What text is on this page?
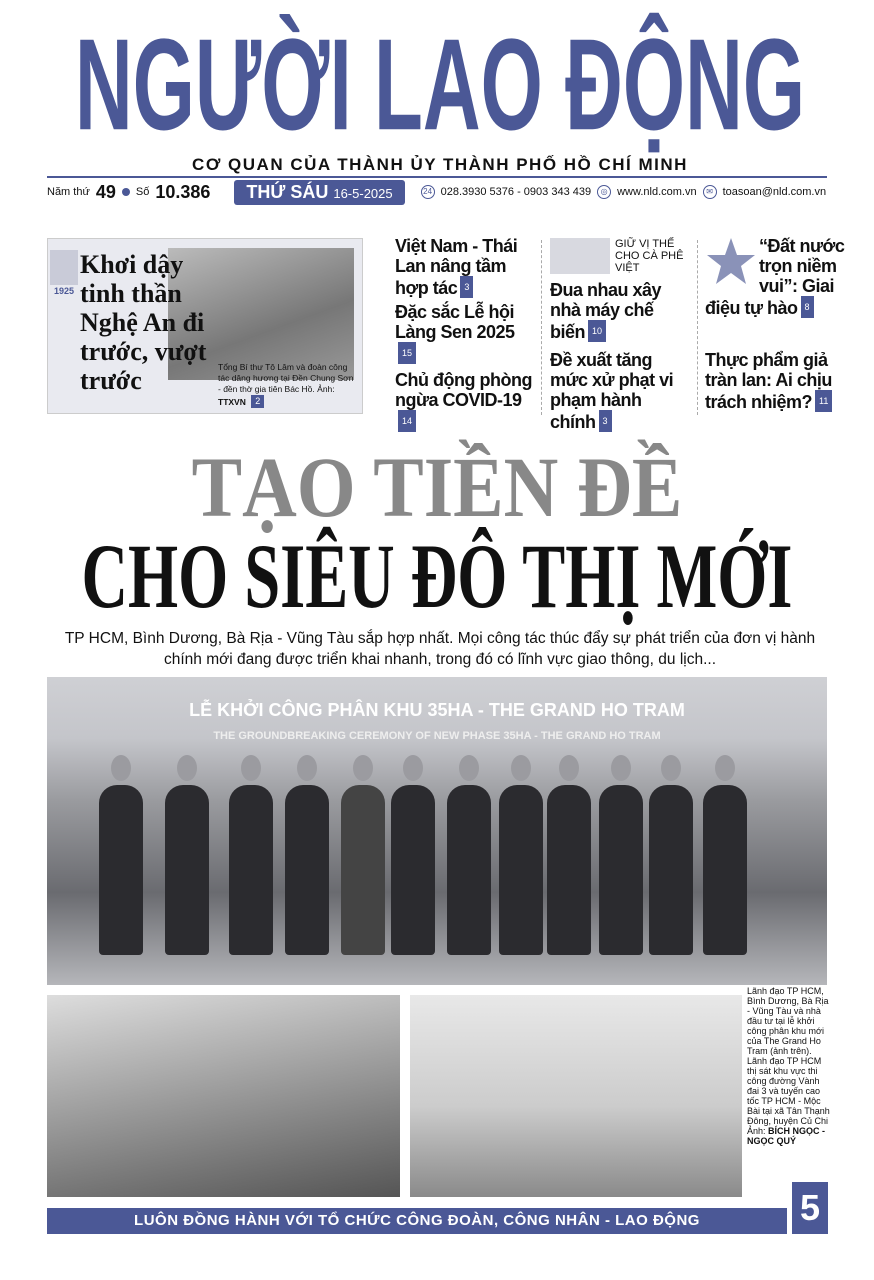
NGƯỜI LAO ĐỘNG
CƠ QUAN CỦA THÀNH ỦY THÀNH PHỐ HỒ CHÍ MINH
Năm thứ 49 Số 10.386	THỨ SÁU 16-5-2025	24 028.3930 5376 - 0903 343 439	◎ www.nld.com.vn	✉ toasoan@nld.com.vn
1925
Khơi dậy tinh thần Nghệ An đi trước, vượt trước	Tổng Bí thư Tô Lâm và đoàn công tác dâng hương tại Đền Chung Sơn - đền thờ gia tiên Bác Hồ. Ảnh: TTXVN 2
Việt Nam - Thái Lan nâng tầm hợp tác 3
Đặc sắc Lễ hội Làng Sen 202515
Chủ động phòng ngừa COVID-1914
GIỮ VỊ THẾ CHO CÀ PHÊ VIỆT
Đua nhau xây nhà máy chế biến 10
Đề xuất tăng mức xử phạt vi phạm hành chính 3
“Đất nước trọn niềm vui”: Giai điệu tự hào 8
Thực phẩm giả tràn lan: Ai chịu trách nhiệm? 11
TẠO TIỀN ĐỀ
CHO SIÊU ĐÔ THỊ MỚI
TP HCM, Bình Dương, Bà Rịa - Vũng Tàu sắp hợp nhất. Mọi công tác thúc đẩy sự phát triển của đơn vị hành chính mới đang được triển khai nhanh, trong đó có lĩnh vực giao thông, du lịch...
LỄ KHỞI CÔNG PHÂN KHU 35HA - THE GRAND HO TRAM
THE GROUNDBREAKING CEREMONY OF NEW PHASE 35HA - THE GRAND HO TRAM
Lãnh đạo TP HCM, Bình Dương, Bà Rịa - Vũng Tàu và nhà đầu tư tại lễ khởi công phân khu mới của The Grand Ho Tram (ảnh trên). Lãnh đạo TP HCM thị sát khu vực thi công đường Vành đai 3 và tuyến cao tốc TP HCM - Mộc Bài tại xã Tân Thạnh Đông, huyện Củ Chi
Ảnh: BÍCH NGỌC - NGỌC QUÝ
LUÔN ĐỒNG HÀNH VỚI TỔ CHỨC CÔNG ĐOÀN, CÔNG NHÂN - LAO ĐỘNG	5
